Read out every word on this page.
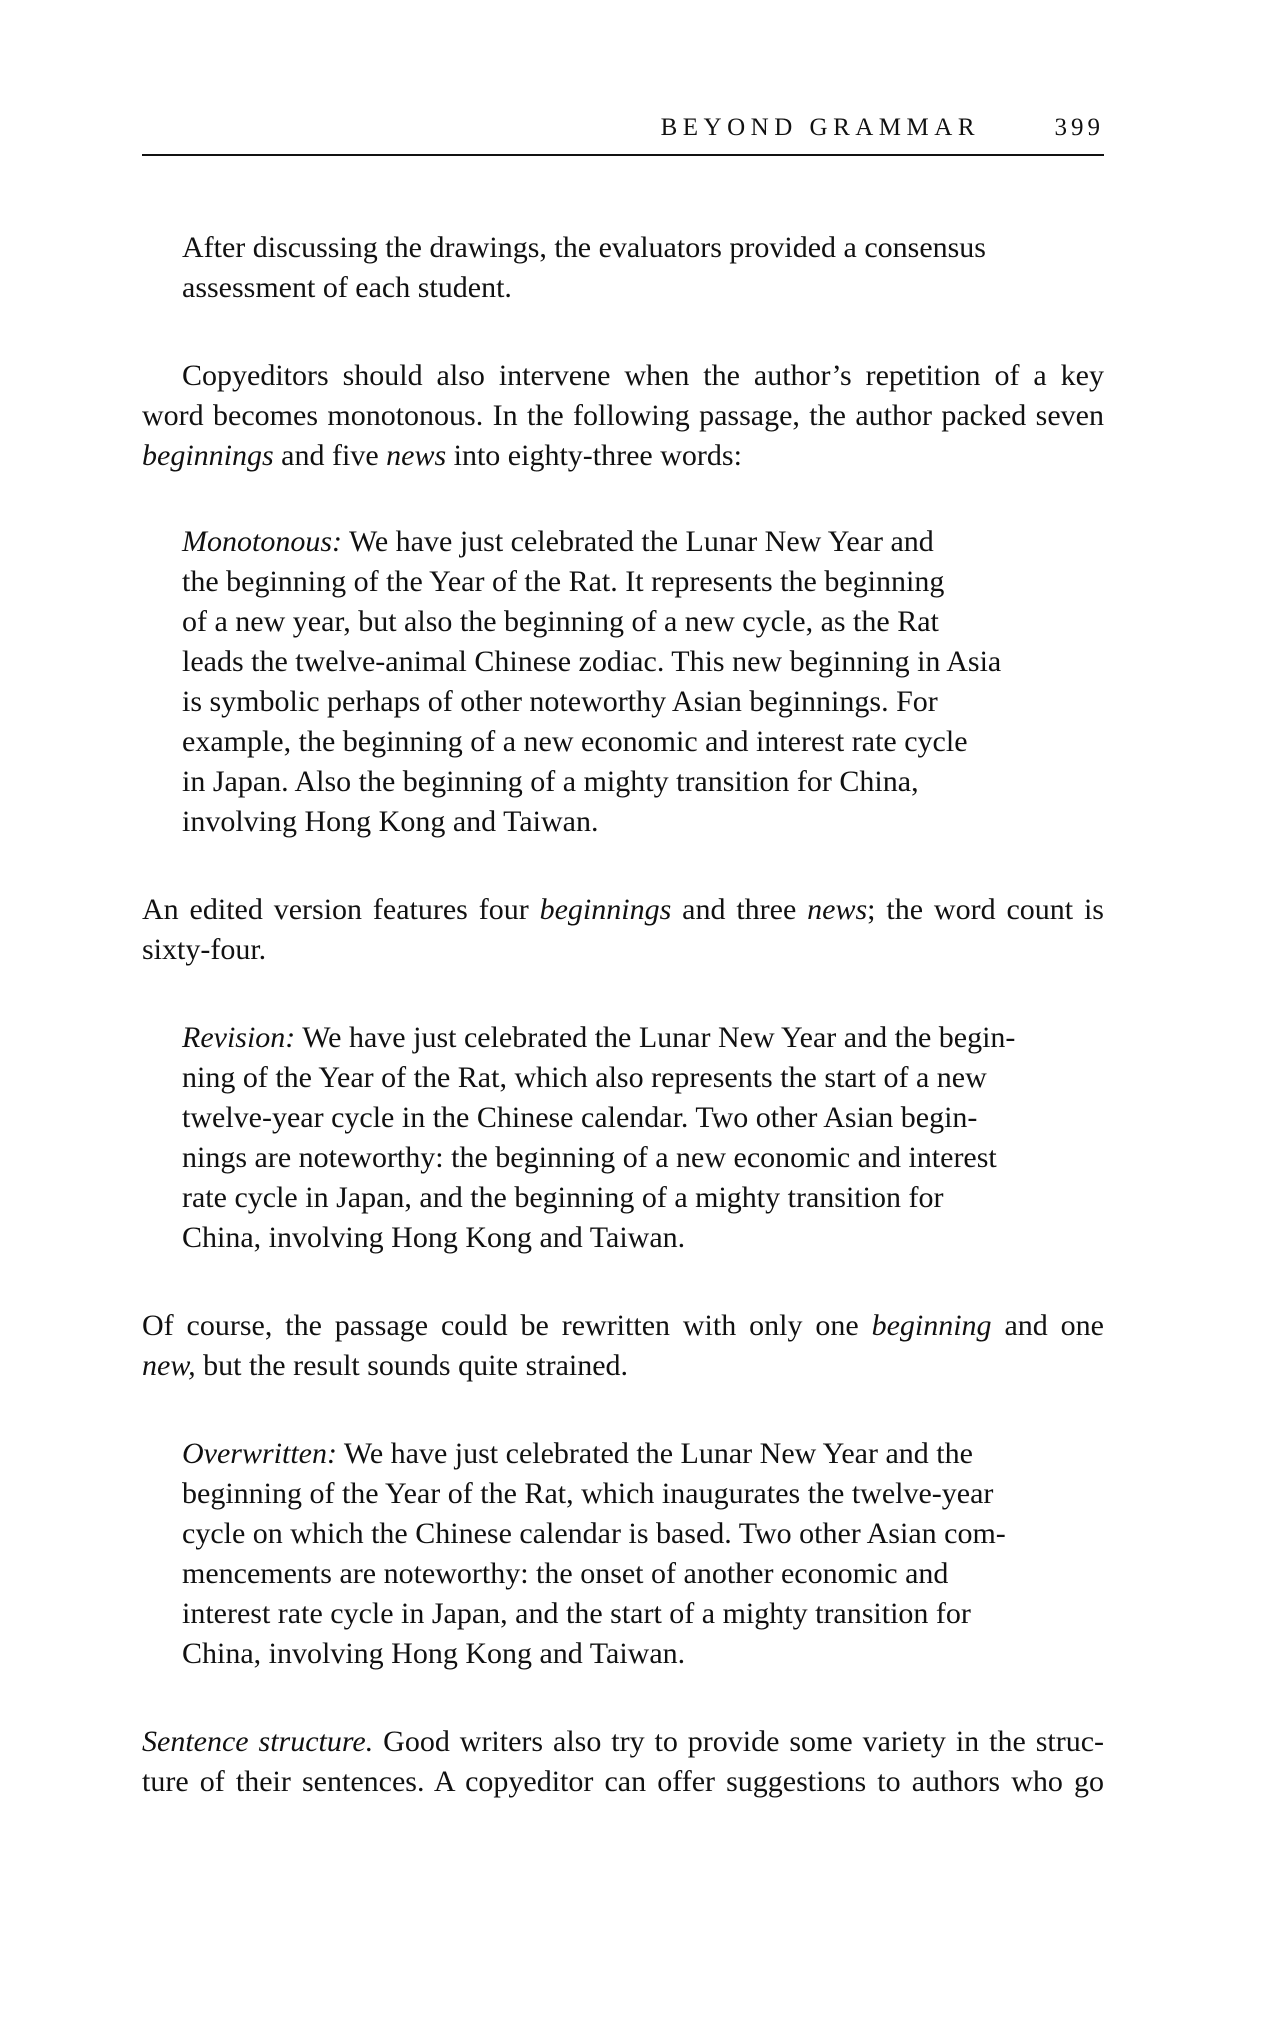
BEYOND GRAMMAR	399
After discussing the drawings, the evaluators provided a consensus
assessment of each student.
Copyeditors should also intervene when the author’s repetition of a key
word becomes monotonous. In the following passage, the author packed seven
beginnings and five news into eighty-three words:
Monotonous: We have just celebrated the Lunar New Year and
the beginning of the Year of the Rat. It represents the beginning
of a new year, but also the beginning of a new cycle, as the Rat
leads the twelve-animal Chinese zodiac. This new beginning in Asia
is symbolic perhaps of other noteworthy Asian beginnings. For
example, the beginning of a new economic and interest rate cycle
in Japan. Also the beginning of a mighty transition for China,
involving Hong Kong and Taiwan.
An edited version features four beginnings and three news; the word count is
sixty-four.
Revision: We have just celebrated the Lunar New Year and the begin-
ning of the Year of the Rat, which also represents the start of a new
twelve-year cycle in the Chinese calendar. Two other Asian begin-
nings are noteworthy: the beginning of a new economic and interest
rate cycle in Japan, and the beginning of a mighty transition for
China, involving Hong Kong and Taiwan.
Of course, the passage could be rewritten with only one beginning and one
new, but the result sounds quite strained.
Overwritten: We have just celebrated the Lunar New Year and the
beginning of the Year of the Rat, which inaugurates the twelve-year
cycle on which the Chinese calendar is based. Two other Asian com-
mencements are noteworthy: the onset of another economic and
interest rate cycle in Japan, and the start of a mighty transition for
China, involving Hong Kong and Taiwan.
Sentence structure. Good writers also try to provide some variety in the struc-
ture of their sentences. A copyeditor can offer suggestions to authors who go
